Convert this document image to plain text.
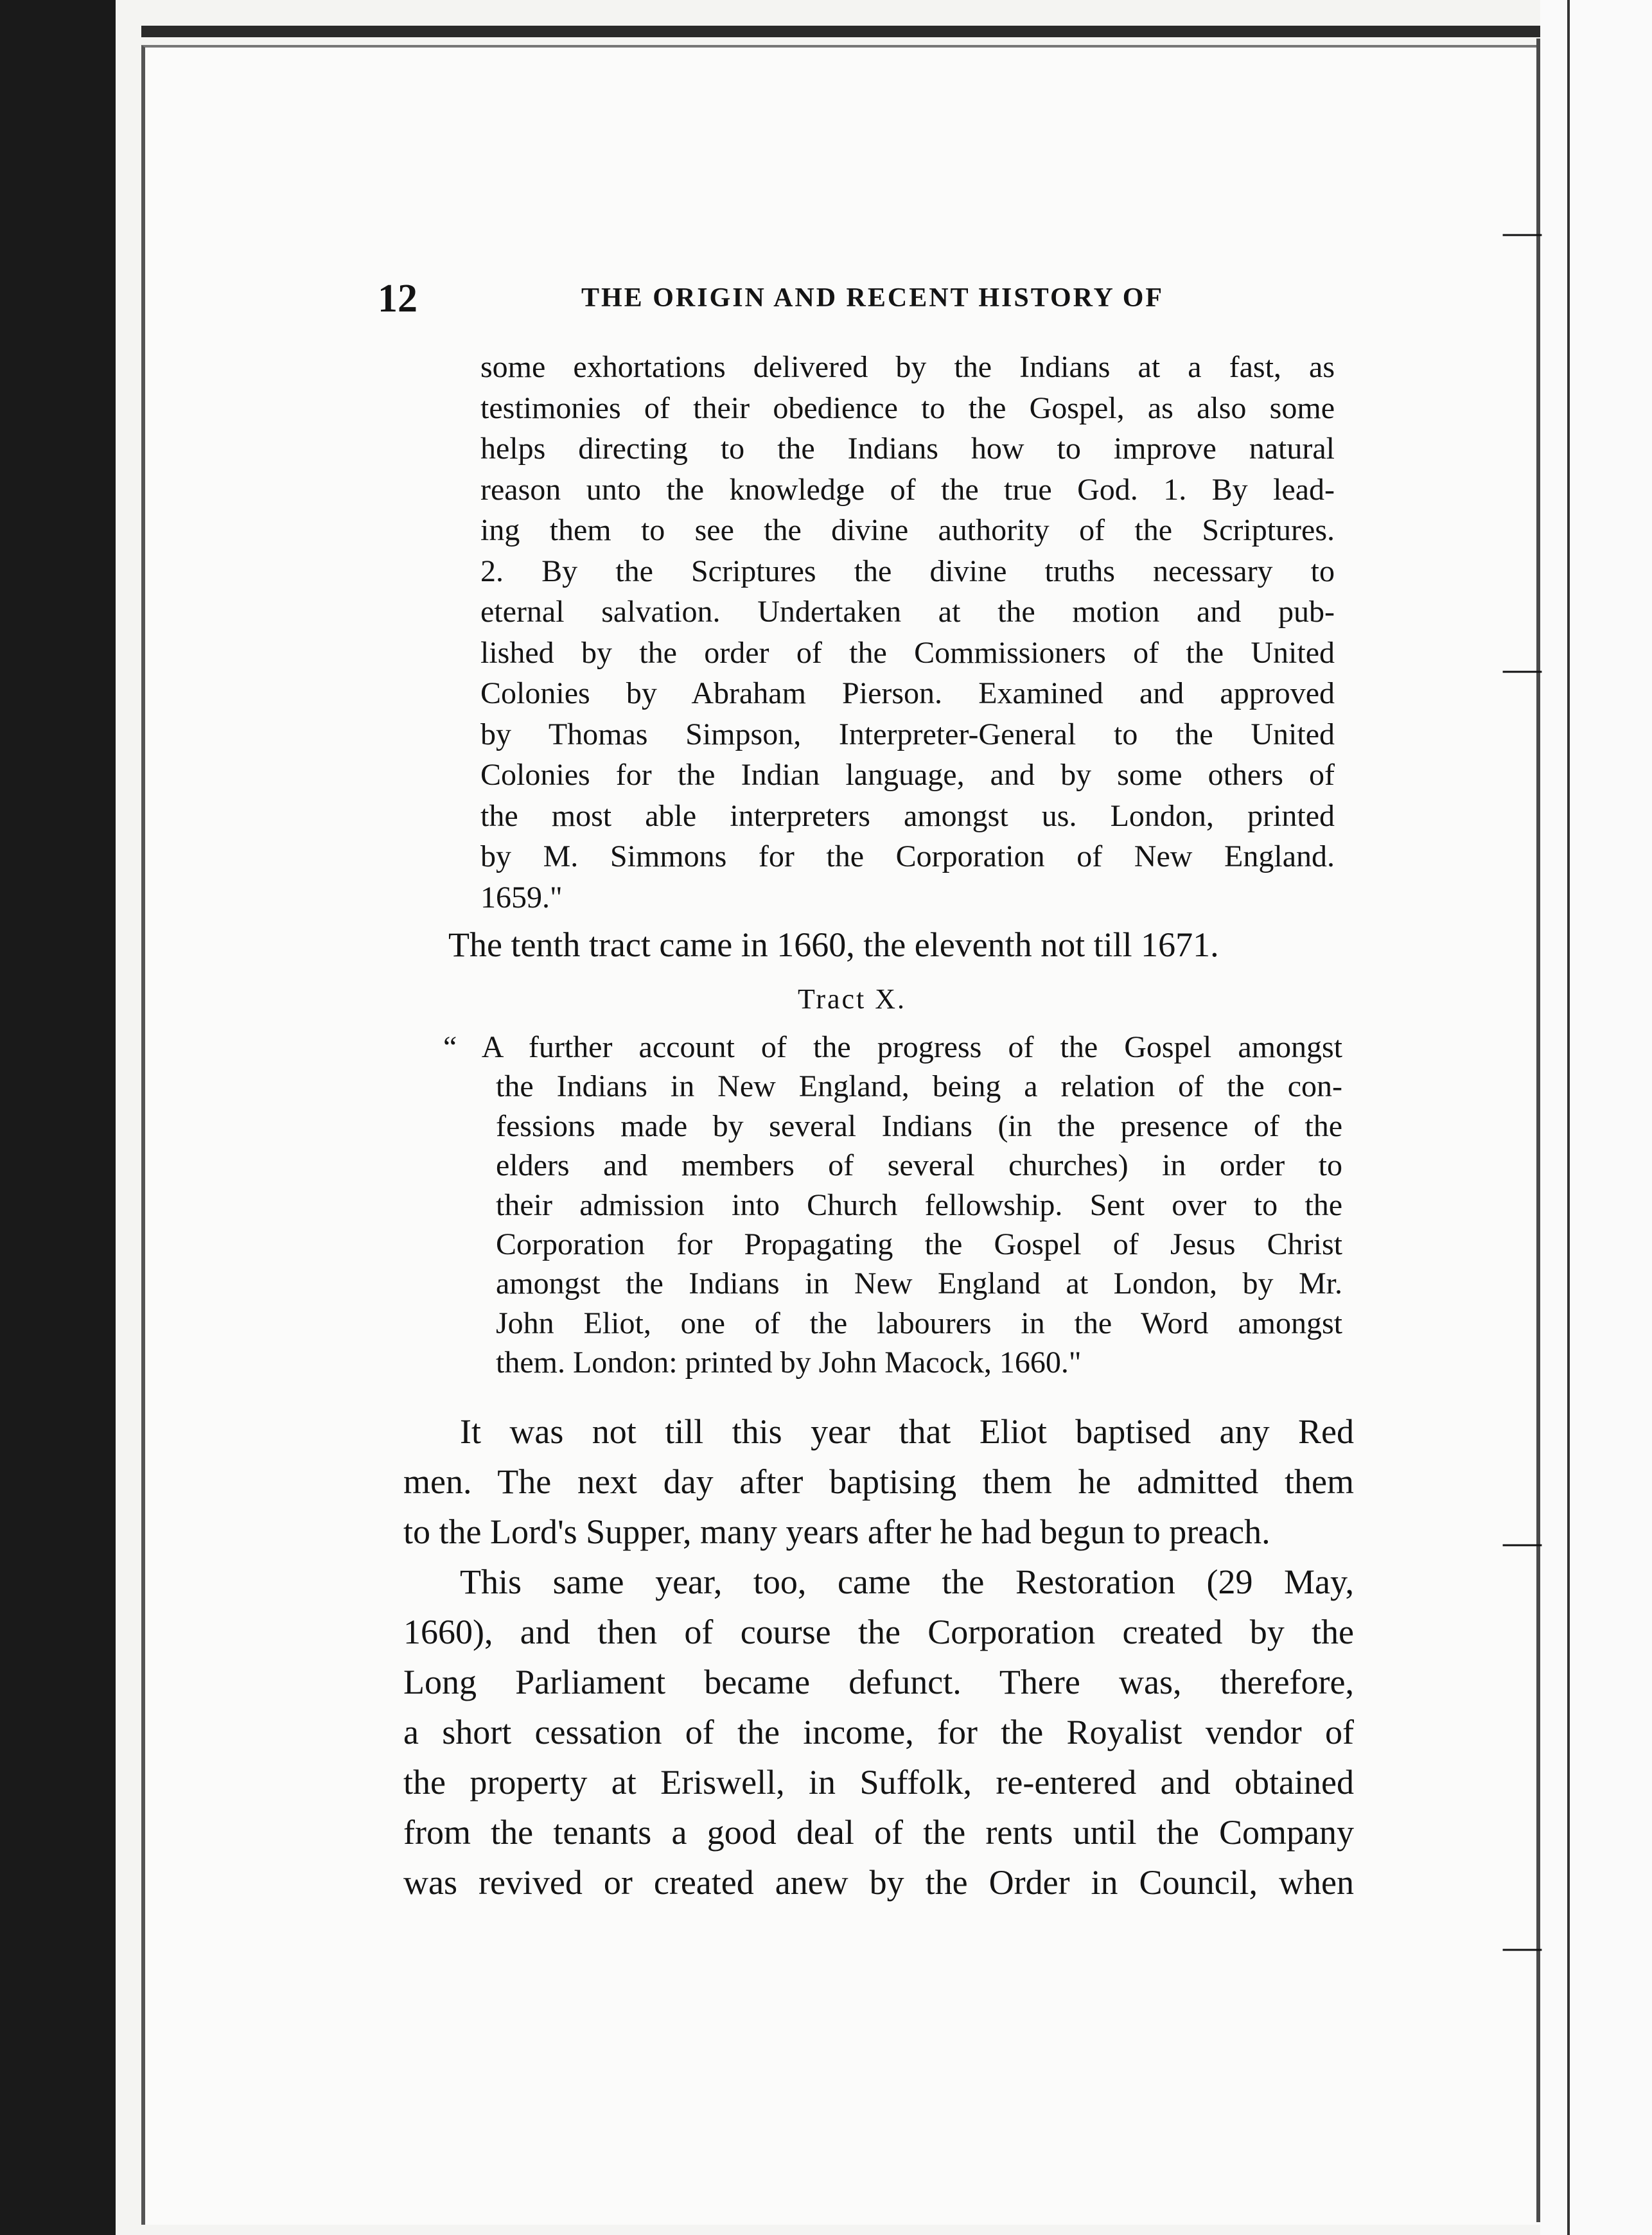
—
—
—
—
12	THE ORIGIN AND RECENT HISTORY OF
some exhortations delivered by the Indians at a fast, as
testimonies of their obedience to the Gospel, as also some
helps directing to the Indians how to improve natural
reason unto the knowledge of the true God. 1. By lead-
ing them to see the divine authority of the Scriptures.
2. By the Scriptures the divine truths necessary to
eternal salvation. Undertaken at the motion and pub-
lished by the order of the Commissioners of the United
Colonies by Abraham Pierson. Examined and approved
by Thomas Simpson, Interpreter-General to the United
Colonies for the Indian language, and by some others of
the most able interpreters amongst us. London, printed
by M. Simmons for the Corporation of New England.
1659."
The tenth tract came in 1660, the eleventh not till 1671.
Tract X.
“ A further account of the progress of the Gospel amongst
the Indians in New England, being a relation of the con-
fessions made by several Indians (in the presence of the
elders and members of several churches) in order to
their admission into Church fellowship. Sent over to the
Corporation for Propagating the Gospel of Jesus Christ
amongst the Indians in New England at London, by Mr.
John Eliot, one of the labourers in the Word amongst
them. London: printed by John Macock, 1660."
It was not till this year that Eliot baptised any Red
men. The next day after baptising them he admitted them
to the Lord's Supper, many years after he had begun to preach.
This same year, too, came the Restoration (29 May,
1660), and then of course the Corporation created by the
Long Parliament became defunct. There was, therefore,
a short cessation of the income, for the Royalist vendor of
the property at Eriswell, in Suffolk, re-entered and obtained
from the tenants a good deal of the rents until the Company
was revived or created anew by the Order in Council, when
